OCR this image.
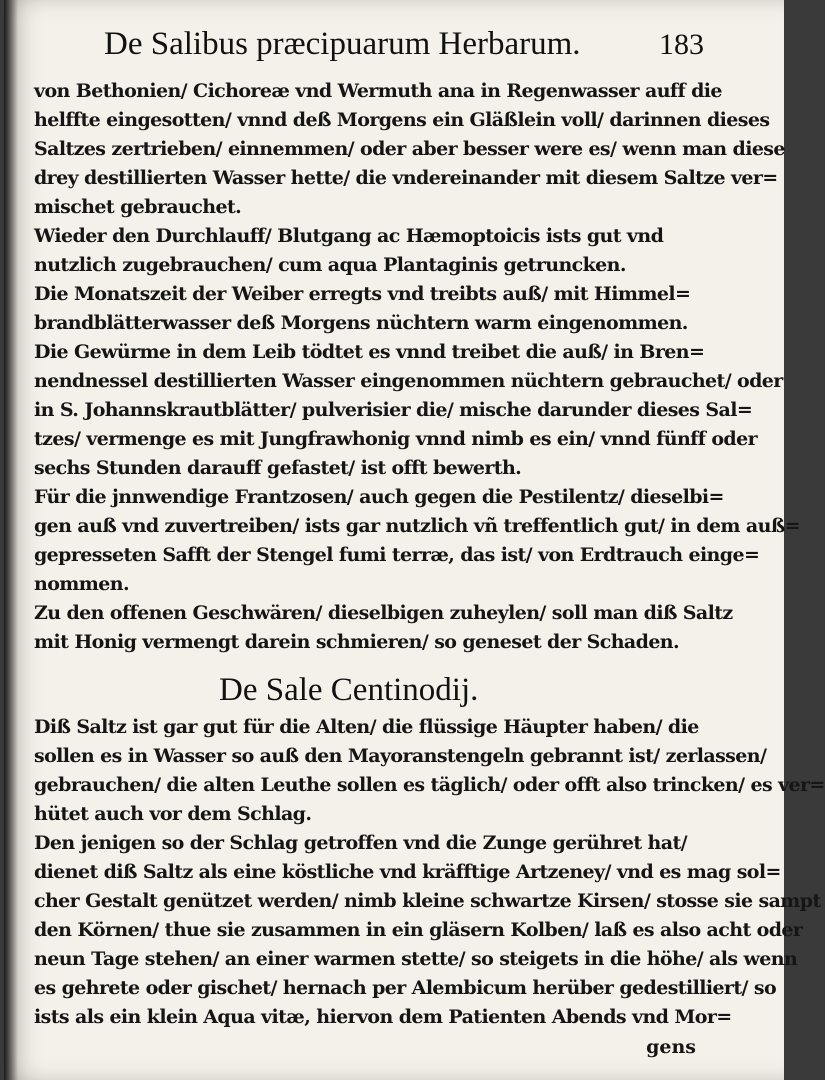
De Salibus præcipuarum Herbarum.	183
von Bethonien/ Cichoreæ vnd Wermuth ana in Regenwasser auff die
helffte eingesotten/ vnnd deß Morgens ein Gläßlein voll/ darinnen dieses
Saltzes zertrieben/ einnemmen/ oder aber besser were es/ wenn man diese
drey destillierten Wasser hette/ die vndereinander mit diesem Saltze ver=
mischet gebrauchet.
Wieder den Durchlauff/ Blutgang ac Hæmoptoicis ists gut vnd
nutzlich zugebrauchen/ cum aqua Plantaginis getruncken.
Die Monatszeit der Weiber erregts vnd treibts auß/ mit Himmel=
brandblätterwasser deß Morgens nüchtern warm eingenommen.
Die Gewürme in dem Leib tödtet es vnnd treibet die auß/ in Bren=
nendnessel destillierten Wasser eingenommen nüchtern gebrauchet/ oder
in S. Johannskrautblätter/ pulverisier die/ mische darunder dieses Sal=
tzes/ vermenge es mit Jungfrawhonig vnnd nimb es ein/ vnnd fünff oder
sechs Stunden darauff gefastet/ ist offt bewerth.
Für die jnnwendige Frantzosen/ auch gegen die Pestilentz/ dieselbi=
gen auß vnd zuvertreiben/ ists gar nutzlich vñ treffentlich gut/ in dem auß=
gepresseten Safft der Stengel fumi terræ, das ist/ von Erdtrauch einge=
nommen.
Zu den offenen Geschwären/ dieselbigen zuheylen/ soll man diß Saltz
mit Honig vermengt darein schmieren/ so geneset der Schaden.
De Sale Centinodij.
Diß Saltz ist gar gut für die Alten/ die flüssige Häupter haben/ die
sollen es in Wasser so auß den Mayoranstengeln gebrannt ist/ zerlassen/
gebrauchen/ die alten Leuthe sollen es täglich/ oder offt also trincken/ es ver=
hütet auch vor dem Schlag.
Den jenigen so der Schlag getroffen vnd die Zunge gerühret hat/
dienet diß Saltz als eine köstliche vnd kräfftige Artzeney/ vnd es mag sol=
cher Gestalt genützet werden/ nimb kleine schwartze Kirsen/ stosse sie sampt
den Körnen/ thue sie zusammen in ein gläsern Kolben/ laß es also acht oder
neun Tage stehen/ an einer warmen stette/ so steigets in die höhe/ als wenn
es gehrete oder gischet/ hernach per Alembicum herüber gedestilliert/ so
ists als ein klein Aqua vitæ, hiervon dem Patienten Abends vnd Mor=
gens
